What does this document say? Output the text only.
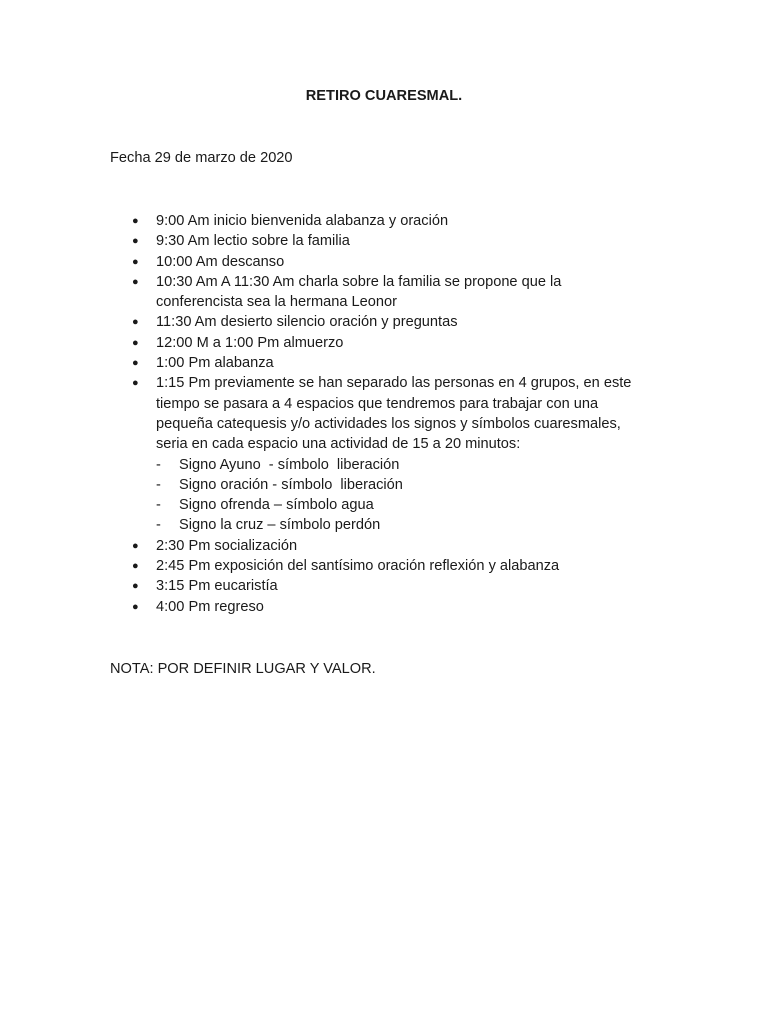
RETIRO CUARESMAL.
Fecha 29 de marzo de 2020
● 9:00 Am inicio bienvenida alabanza y oración
● 9:30 Am lectio sobre la familia
● 10:00 Am descanso
● 10:30 Am A 11:30 Am charla sobre la familia se propone que la conferencista sea la hermana Leonor
● 11:30 Am desierto silencio oración y preguntas
● 12:00 M a 1:00 Pm almuerzo
● 1:00 Pm alabanza
● 1:15 Pm previamente se han separado las personas en 4 grupos, en este tiempo se pasara a 4 espacios que tendremos para trabajar con una pequeña catequesis y/o actividades los signos y símbolos cuaresmales, seria en cada espacio una actividad de 15 a 20 minutos:
- Signo Ayuno  - símbolo  liberación
- Signo oración - símbolo  liberación
- Signo ofrenda – símbolo agua
- Signo la cruz – símbolo perdón
● 2:30 Pm socialización
● 2:45 Pm exposición del santísimo oración reflexión y alabanza
● 3:15 Pm eucaristía
● 4:00 Pm regreso
NOTA: POR DEFINIR LUGAR Y VALOR.
